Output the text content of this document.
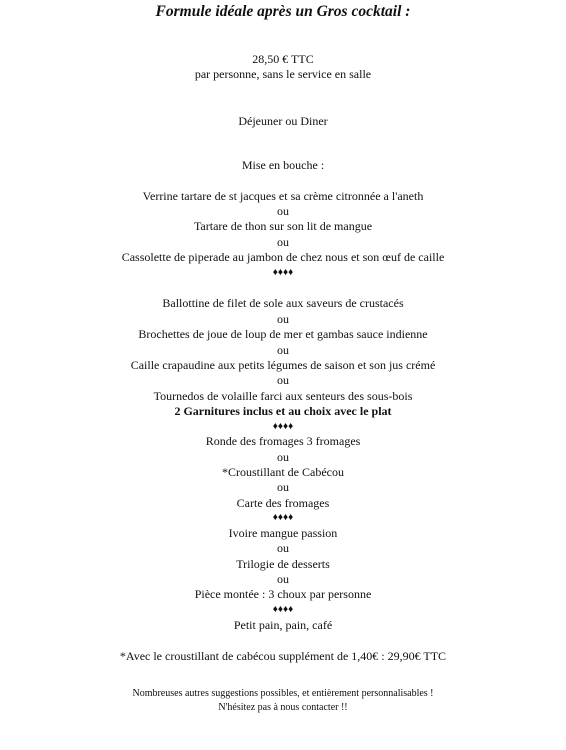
Formule idéale après un Gros cocktail :
28,50 € TTC
par personne, sans le service en salle
Déjeuner ou Diner
Mise en bouche :
Verrine tartare de st jacques et sa crème citronnée a l'aneth
ou
Tartare de thon sur son lit de mangue
ou
Cassolette de piperade au jambon de chez nous et son œuf de caille
♦♦♦♦
Ballottine de filet de sole aux saveurs de crustacés
ou
Brochettes de joue de loup de mer et gambas sauce indienne
ou
Caille crapaudine aux petits légumes de saison et son jus crémé
ou
Tournedos de volaille farci aux senteurs des sous-bois
2 Garnitures inclus et au choix avec le plat
♦♦♦♦
Ronde des fromages 3 fromages
ou
*Croustillant de Cabécou
ou
Carte des fromages
♦♦♦♦
Ivoire mangue passion
ou
Trilogie de desserts
ou
Pièce montée : 3 choux par personne
♦♦♦♦
Petit pain, pain, café
*Avec le croustillant de cabécou supplément de 1,40€ : 29,90€ TTC
Nombreuses autres suggestions possibles, et entièrement personnalisables !
N'hésitez pas à nous contacter !!
